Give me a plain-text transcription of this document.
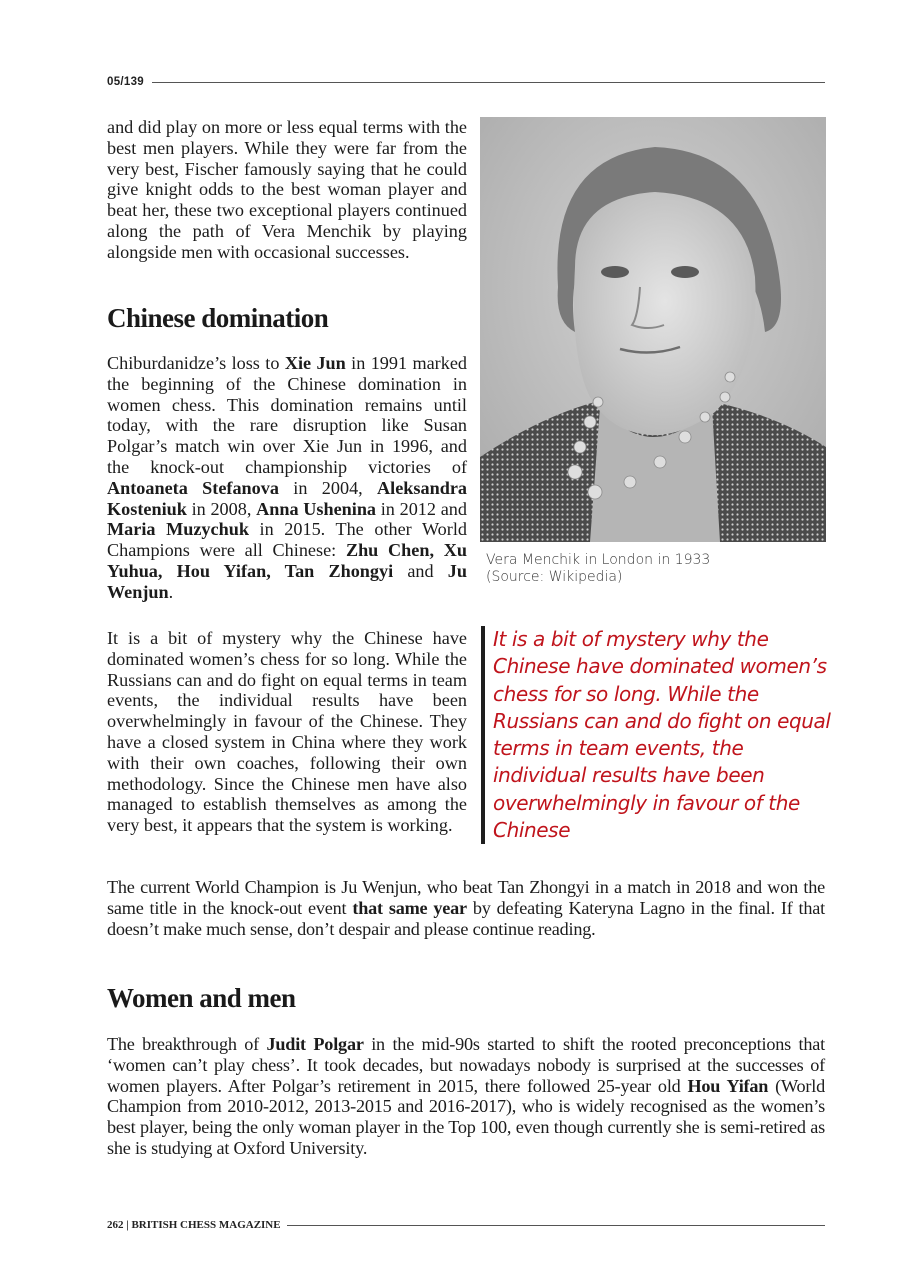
05/139

and did play on more or less equal terms with the best men players. While they were far from the very best, Fischer famously saying that he could give knight odds to the best woman player and beat her, these two exceptional players continued along the path of Vera Menchik by playing alongside men with occasional successes.

Chinese domination

Chiburdanidze’s loss to Xie Jun in 1991 marked the beginning of the Chinese domination in women chess. This domination remains until today, with the rare disruption like Susan Polgar’s match win over Xie Jun in 1996, and the knock-out championship victories of Antoaneta Stefanova in 2004, Aleksandra Kosteniuk in 2008, Anna Ushenina in 2012 and Maria Muzychuk in 2015. The other World Champions were all Chinese: Zhu Chen, Xu Yuhua, Hou Yifan, Tan Zhongyi and Ju Wenjun.

It is a bit of mystery why the Chinese have dominated women’s chess for so long. While the Russians can and do fight on equal terms in team events, the individual results have been overwhelmingly in favour of the Chinese. They have a closed system in China where they work with their own coaches, following their own methodology. Since the Chinese men have also managed to establish themselves as among the very best, it appears that the system is working.

Vera Menchik in London in 1933
(Source: Wikipedia)
It is a bit of mystery why the Chinese have dominated women’s chess for so long. While the Russians can and do fight on equal terms in team events, the individual results have been overwhelmingly in favour of the Chinese

The current World Champion is Ju Wenjun, who beat Tan Zhongyi in a match in 2018 and won the same title in the knock-out event that same year by defeating Kateryna Lagno in the final. If that doesn’t make much sense, don’t despair and please continue reading.

Women and men

The breakthrough of Judit Polgar in the mid-90s started to shift the rooted preconceptions that ‘women can’t play chess’. It took decades, but nowadays nobody is surprised at the successes of women players. After Polgar’s retirement in 2015, there followed 25-year old Hou Yifan (World Champion from 2010-2012, 2013-2015 and 2016-2017), who is widely recognised as the women’s best player, being the only woman player in the Top 100, even though currently she is semi-retired as she is studying at Oxford University.

262 | BRITISH CHESS MAGAZINE
